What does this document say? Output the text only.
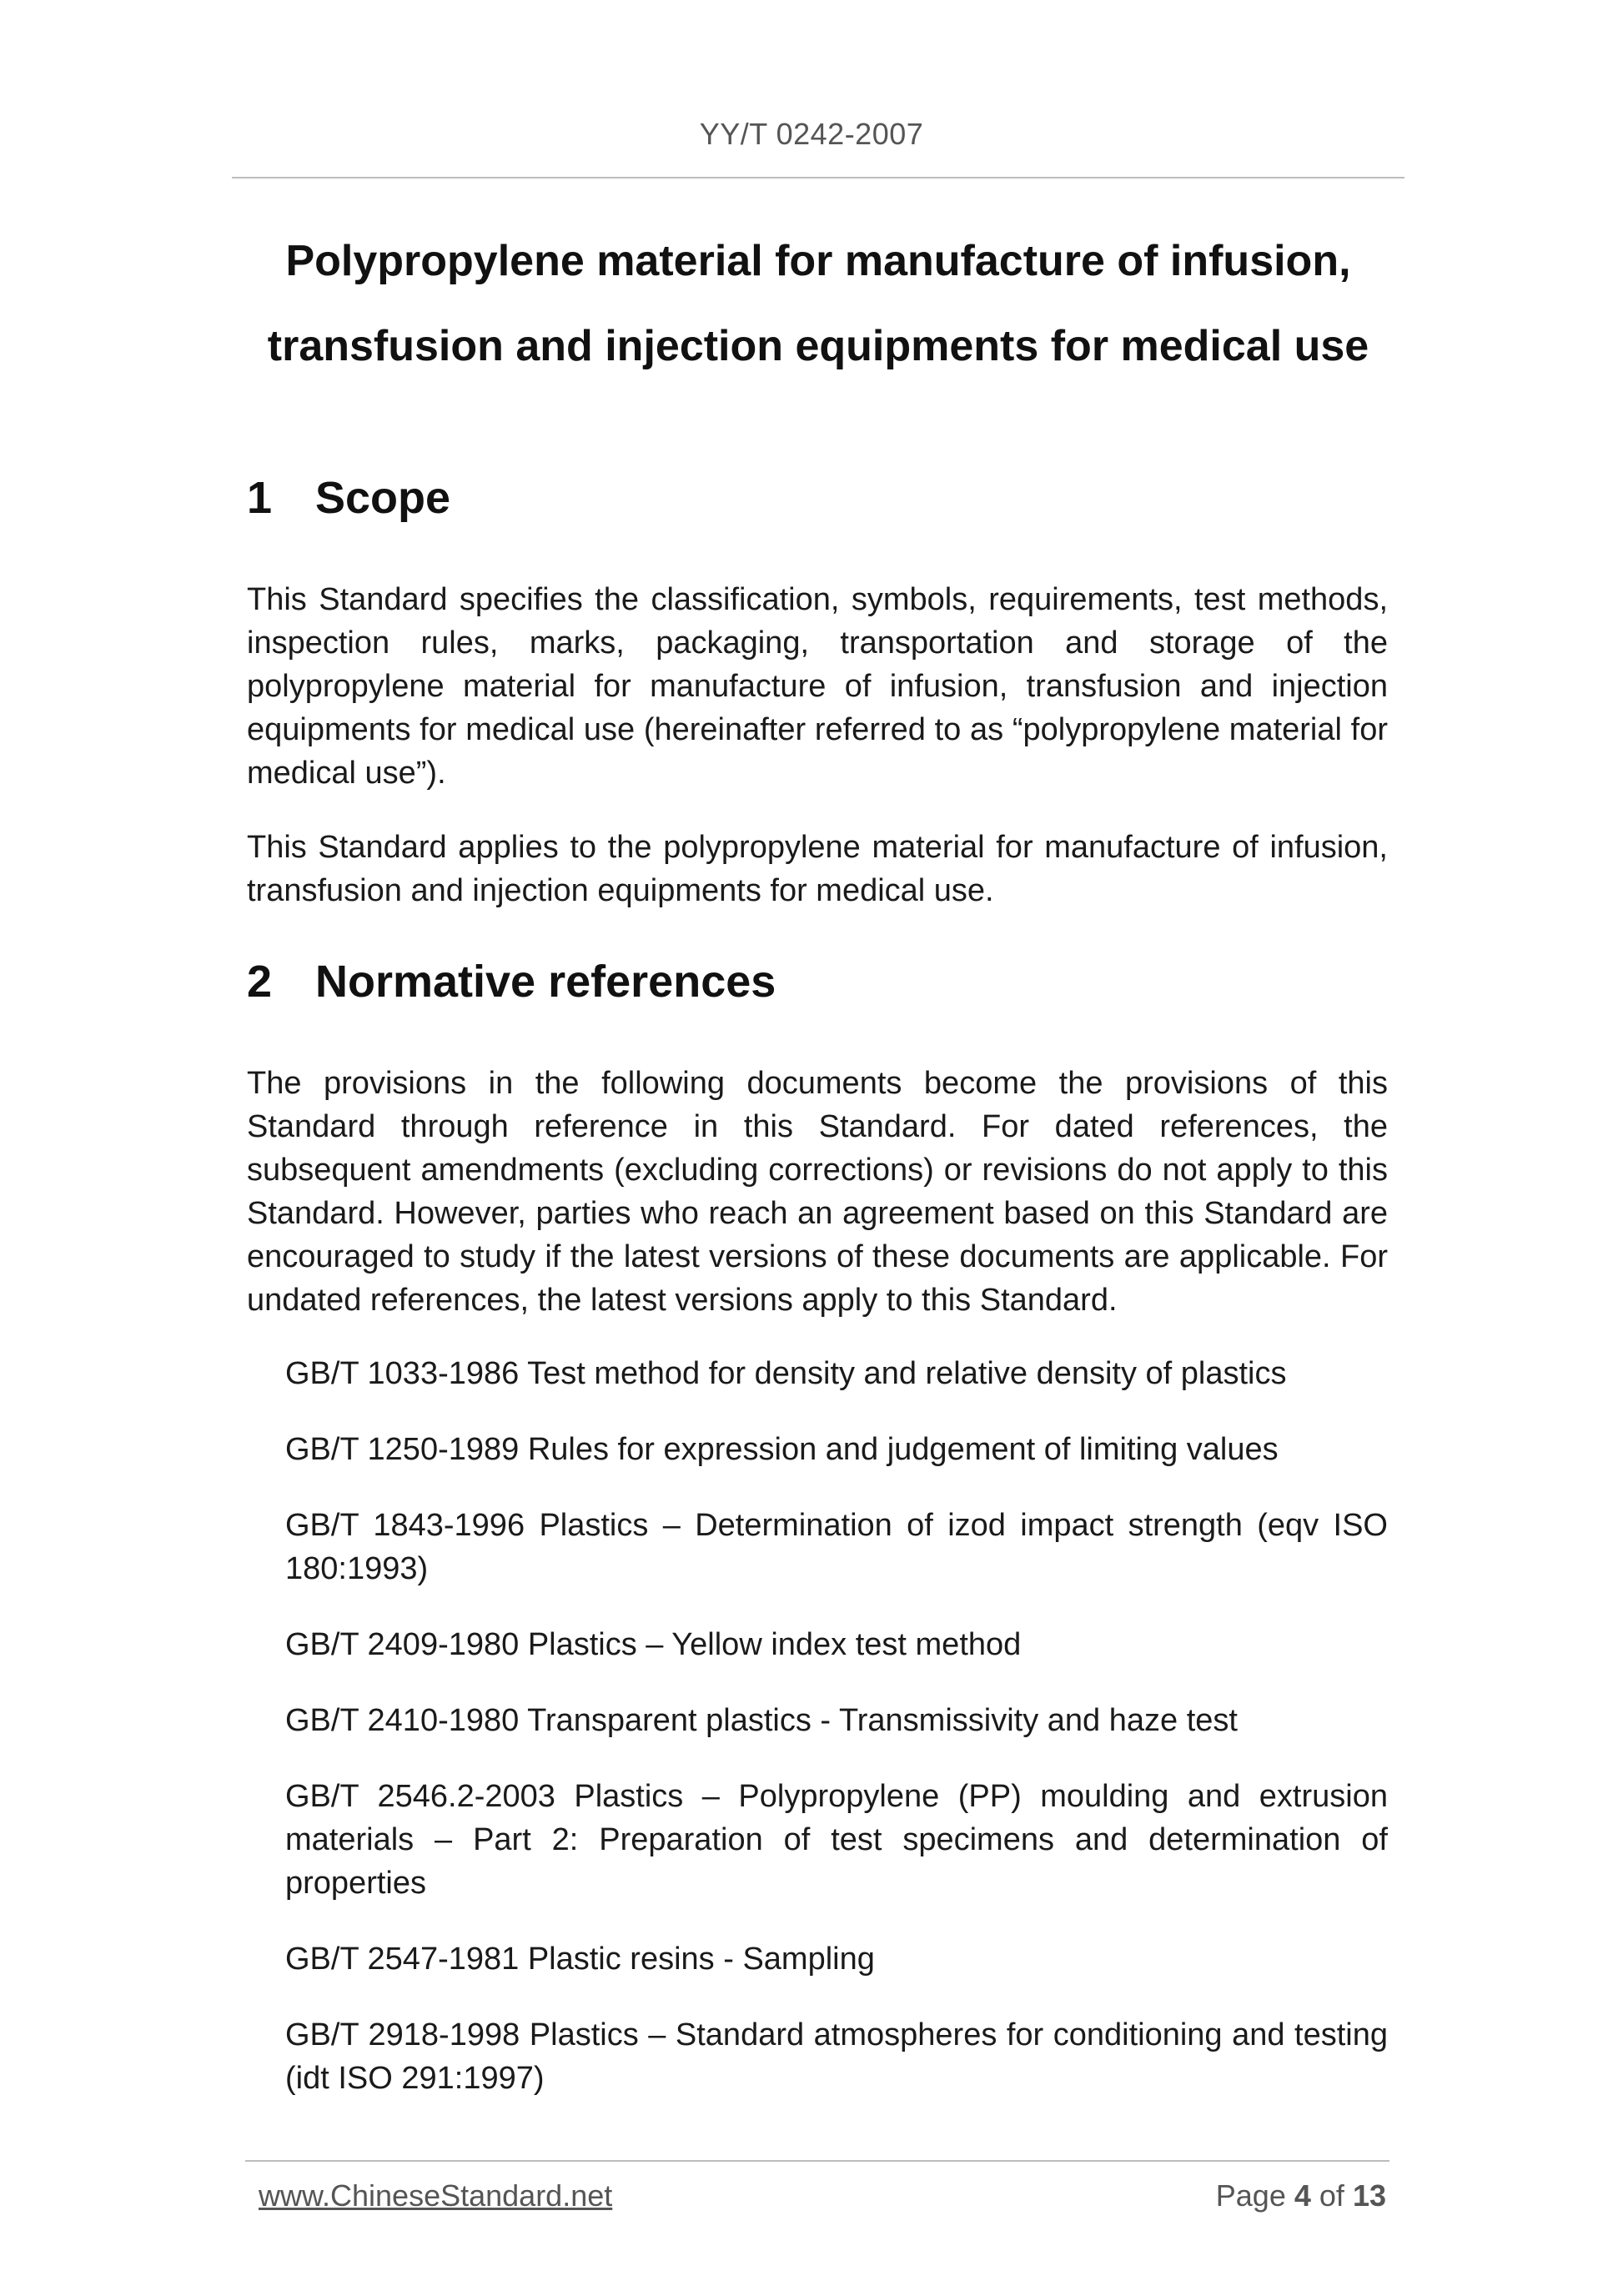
YY/T 0242-2007
Polypropylene material for manufacture of infusion,
transfusion and injection equipments for medical use
1 Scope

This Standard specifies the classification, symbols, requirements, test methods, inspection rules, marks, packaging, transportation and storage of the polypropylene material for manufacture of infusion, transfusion and injection equipments for medical use (hereinafter referred to as “polypropylene material for medical use”).

This Standard applies to the polypropylene material for manufacture of infusion, transfusion and injection equipments for medical use.

2 Normative references

The provisions in the following documents become the provisions of this Standard through reference in this Standard. For dated references, the subsequent amendments (excluding corrections) or revisions do not apply to this Standard. However, parties who reach an agreement based on this Standard are encouraged to study if the latest versions of these documents are applicable. For undated references, the latest versions apply to this Standard.

GB/T 1033-1986 Test method for density and relative density of plastics

GB/T 1250-1989 Rules for expression and judgement of limiting values

GB/T 1843-1996 Plastics – Determination of izod impact strength (eqv ISO 180:1993)

GB/T 2409-1980 Plastics – Yellow index test method

GB/T 2410-1980 Transparent plastics - Transmissivity and haze test

GB/T 2546.2-2003 Plastics – Polypropylene (PP) moulding and extrusion materials – Part 2: Preparation of test specimens and determination of properties

GB/T 2547-1981 Plastic resins - Sampling

GB/T 2918-1998 Plastics – Standard atmospheres for conditioning and testing (idt ISO 291:1997)

www.ChineseStandard.net	Page 4 of 13
